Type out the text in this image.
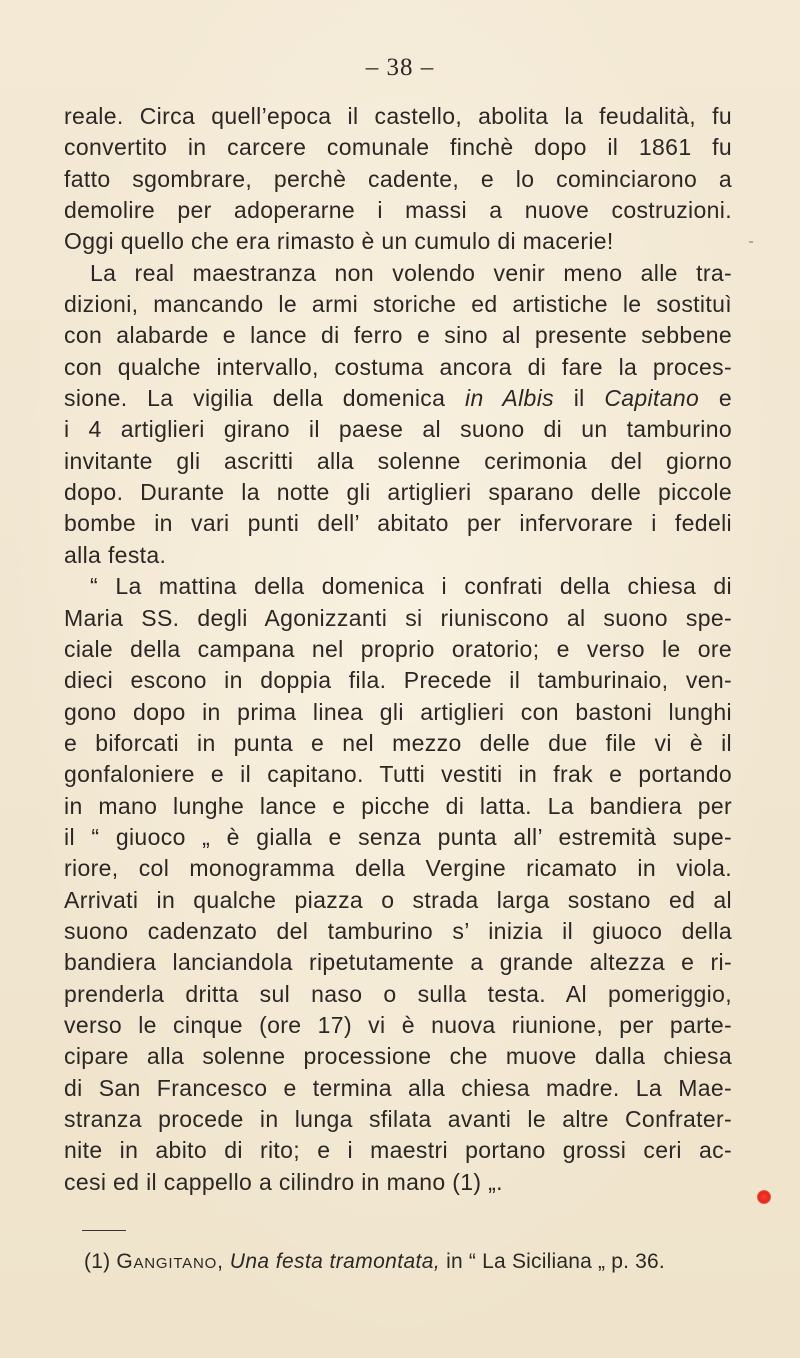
– 38 –
reale. Circa quell’epoca il castello, abolita la feudalità, fu
convertito in carcere comunale finchè dopo il 1861 fu
fatto sgombrare, perchè cadente, e lo cominciarono a
demolire per adoperarne i massi a nuove costruzioni.
Oggi quello che era rimasto è un cumulo di macerie!
La real maestranza non volendo venir meno alle tra-
dizioni, mancando le armi storiche ed artistiche le sostituì
con alabarde e lance di ferro e sino al presente sebbene
con qualche intervallo, costuma ancora di fare la proces-
sione. La vigilia della domenica in Albis il Capitano e
i 4 artiglieri girano il paese al suono di un tamburino
invitante gli ascritti alla solenne cerimonia del giorno
dopo. Durante la notte gli artiglieri sparano delle piccole
bombe in vari punti dell’ abitato per infervorare i fedeli
alla festa.
“ La mattina della domenica i confrati della chiesa di
Maria SS. degli Agonizzanti si riuniscono al suono spe-
ciale della campana nel proprio oratorio; e verso le ore
dieci escono in doppia fila. Precede il tamburinaio, ven-
gono dopo in prima linea gli artiglieri con bastoni lunghi
e biforcati in punta e nel mezzo delle due file vi è il
gonfaloniere e il capitano. Tutti vestiti in frak e portando
in mano lunghe lance e picche di latta. La bandiera per
il “ giuoco „ è gialla e senza punta all’ estremità supe-
riore, col monogramma della Vergine ricamato in viola.
Arrivati in qualche piazza o strada larga sostano ed al
suono cadenzato del tamburino s’ inizia il giuoco della
bandiera lanciandola ripetutamente a grande altezza e ri-
prenderla dritta sul naso o sulla testa. Al pomeriggio,
verso le cinque (ore 17) vi è nuova riunione, per parte-
cipare alla solenne processione che muove dalla chiesa
di San Francesco e termina alla chiesa madre. La Mae-
stranza procede in lunga sfilata avanti le altre Confrater-
nite in abito di rito; e i maestri portano grossi ceri ac-
cesi ed il cappello a cilindro in mano (1) „.
(1) Gangitano, Una festa tramontata, in “ La Siciliana „ p. 36.
